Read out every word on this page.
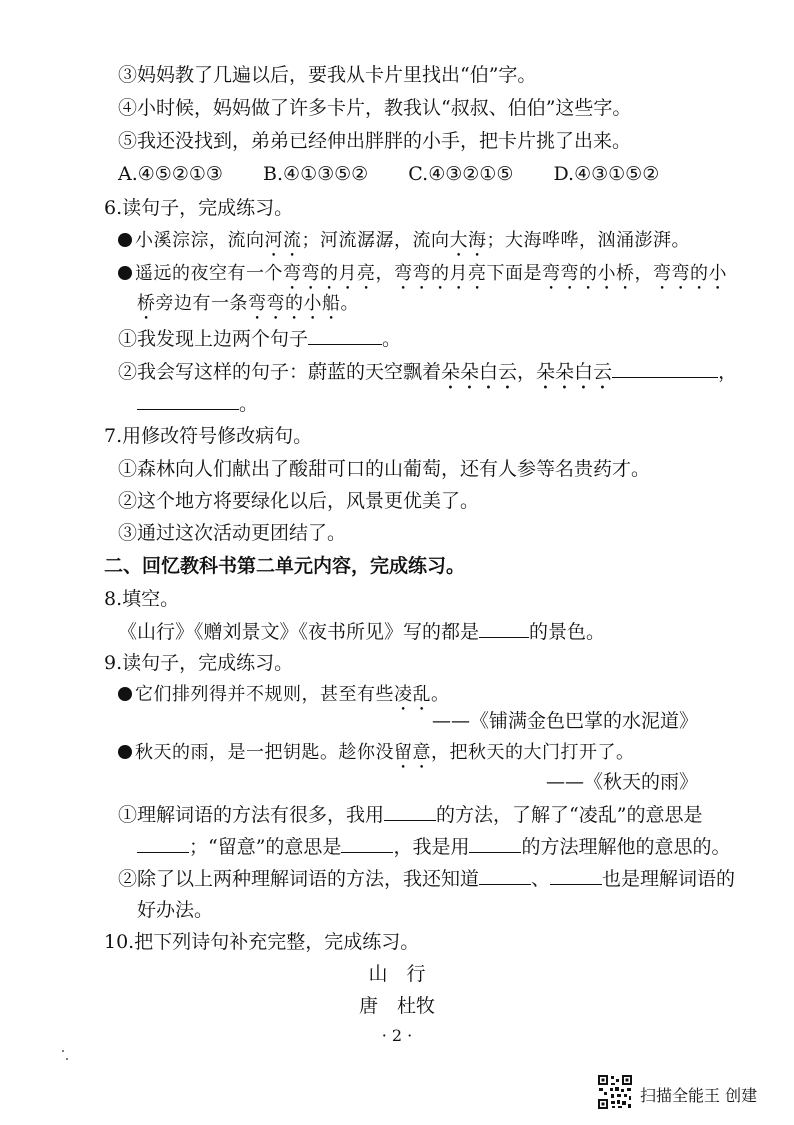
③妈妈教了几遍以后，要我从卡片里找出“伯”字。
④小时候，妈妈做了许多卡片，教我认“叔叔、伯伯”这些字。
⑤我还没找到，弟弟已经伸出胖胖的小手，把卡片挑了出来。
A.④⑤②①③ B.④①③⑤② C.④③②①⑤ D.④③①⑤②
6.读句子，完成练习。
小溪淙淙，流向河流；河流潺潺，流向大海；大海哗哗，汹涌澎湃。
遥远的夜空有一个弯弯的月亮，弯弯的月亮下面是弯弯的小桥，弯弯的小
桥旁边有一条弯弯的小船。
①我发现上边两个句子	。
②我会写这样的句子：蔚蓝的天空飘着朵朵白云，朵朵白云	，
。
7.用修改符号修改病句。
①森林向人们献出了酸甜可口的山葡萄，还有人参等名贵药才。
②这个地方将要绿化以后，风景更优美了。
③通过这次活动更团结了。
二、回忆教科书第二单元内容，完成练习。
8.填空。
《山行》《赠刘景文》《夜书所见》写的都是	的景色。
9.读句子，完成练习。
它们排列得并不规则，甚至有些凌乱。
——《铺满金色巴掌的水泥道》
秋天的雨，是一把钥匙。趁你没留意，把秋天的大门打开了。
——《秋天的雨》
①理解词语的方法有很多，我用	的方法，了解了“凌乱”的意思是
；“留意”的意思是	，我是用	的方法理解他的意思的。
②除了以上两种理解词语的方法，我还知道	、	也是理解词语的
好办法。
10.把下列诗句补充完整，完成练习。
山　行
唐　杜牧
· 2 ·
扫描全能王 创建
